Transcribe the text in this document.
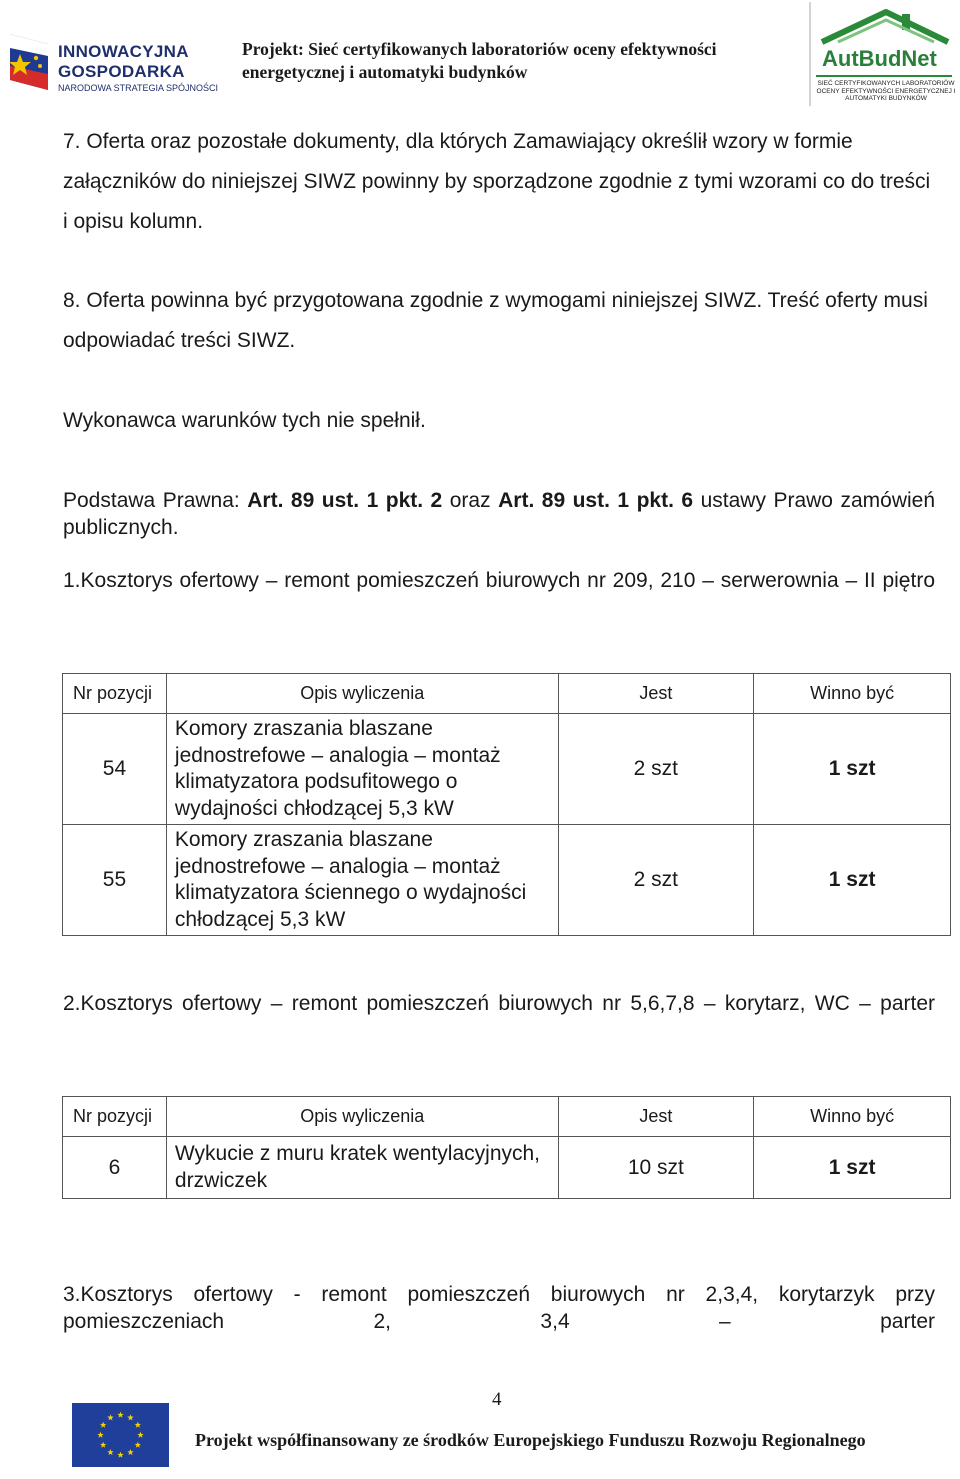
INNOWACYJNA
GOSPODARKA
NARODOWA STRATEGIA SPÓJNOŚCI
Projekt: Sieć certyfikowanych laboratoriów oceny efektywności energetycznej i automatyki budynków
AutBudNet
SIEĆ CERTYFIKOWANYCH LABORATORIÓW OCENY EFEKTYWNOŚCI ENERGETYCZNEJ I AUTOMATYKI BUDYNKÓW

7. Oferta oraz pozostałe dokumenty, dla których Zamawiający określił wzory w formie załączników do niniejszej SIWZ powinny by sporządzone zgodnie z tymi wzorami co do treści i opisu kolumn.

8. Oferta powinna być przygotowana zgodnie z wymogami niniejszej SIWZ. Treść oferty musi odpowiadać treści SIWZ.

Wykonawca warunków tych nie spełnił.

Podstawa Prawna: Art. 89 ust. 1 pkt. 2 oraz Art. 89 ust. 1 pkt. 6 ustawy Prawo zamówień publicznych.

1.Kosztorys ofertowy – remont pomieszczeń biurowych nr 209, 210 – serwerownia – II piętro

Nr pozycji	Opis wyliczenia	Jest	Winno być
54	Komory zraszania blaszane jednostrefowe – analogia – montaż klimatyzatora podsufitowego o wydajności chłodzącej 5,3 kW	2 szt	1 szt
55	Komory zraszania blaszane jednostrefowe – analogia – montaż klimatyzatora ściennego o wydajności chłodzącej 5,3 kW	2 szt	1 szt

2.Kosztorys ofertowy – remont pomieszczeń biurowych nr 5,6,7,8 – korytarz, WC – parter

Nr pozycji	Opis wyliczenia	Jest	Winno być
6	Wykucie z muru kratek wentylacyjnych, drzwiczek	10 szt	1 szt

3.Kosztorys ofertowy - remont pomieszczeń biurowych nr 2,3,4, korytarzyk przy pomieszczeniach 2, 3,4 – parter

4
Projekt współfinansowany ze środków Europejskiego Funduszu Rozwoju Regionalnego
